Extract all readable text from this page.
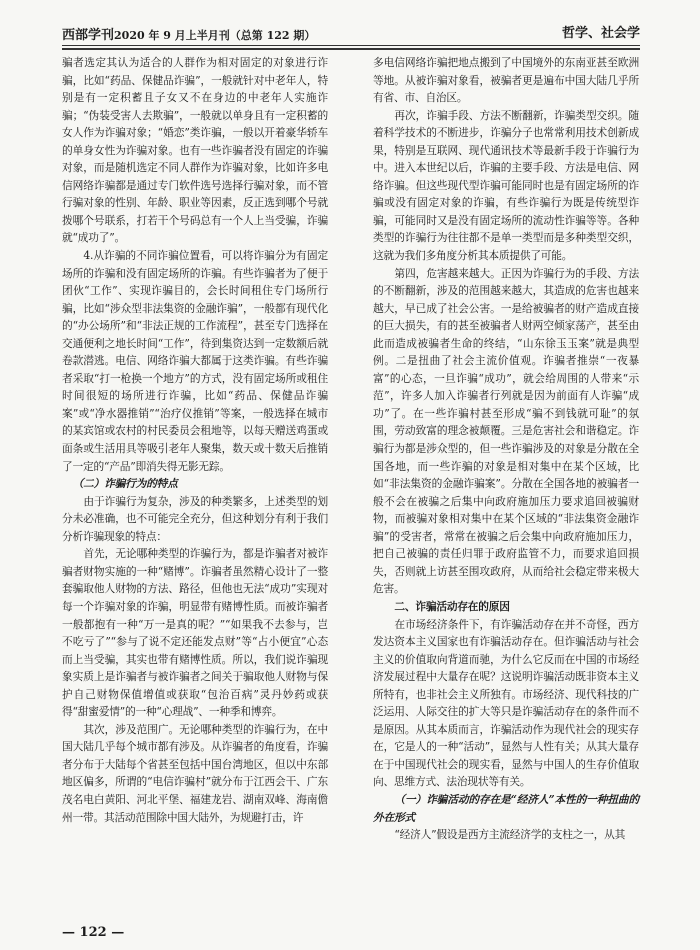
西部学刊2020 年 9 月上半月刊（总第 122 期）	哲学、社会学

骗者选定其认为适合的人群作为相对固定的对象进行诈骗，比如“药品、保健品诈骗”，一般就针对中老年人，特别是有一定积蓄且子女又不在身边的中老年人实施诈骗；“伪装受害人去欺骗”，一般就以单身且有一定积蓄的女人作为诈骗对象；“婚恋”类诈骗，一般以开着豪华轿车的单身女性为诈骗对象。也有一些诈骗者没有固定的诈骗对象，而是随机选定不同人群作为诈骗对象，比如许多电信网络诈骗都是通过专门软件选号选择行骗对象，而不管行骗对象的性别、年龄、职业等因素，反正选到哪个号就拨哪个号联系，打若干个号码总有一个人上当受骗，诈骗就“成功了”。

4.从诈骗的不同诈骗位置看，可以将诈骗分为有固定场所的诈骗和没有固定场所的诈骗。有些诈骗者为了便于团伙“工作”、实现诈骗目的，会长时间租住专门场所行骗，比如“涉众型非法集资的金融诈骗”，一般都有现代化的“办公场所”和“非法正规的工作流程”，甚至专门选择在交通便利之地长时间“工作”，待到集资达到一定数额后就卷款潜逃。电信、网络诈骗大都属于这类诈骗。有些诈骗者采取“打一枪换一个地方”的方式，没有固定场所或租住时间很短的场所进行诈骗，比如“药品、保健品诈骗案”或“净水器推销”“治疗仪推销”等案，一般选择在城市的某宾馆或农村的村民委员会租地等，以每天赠送鸡蛋或面条或生活用具等吸引老年人聚集，数天或十数天后推销了一定的“产品”即消失得无影无踪。

（二）诈骗行为的特点

由于诈骗行为复杂，涉及的种类繁多，上述类型的划分未必准确，也不可能完全充分，但这种划分有利于我们分析诈骗现象的特点：

首先，无论哪种类型的诈骗行为，都是诈骗者对被诈骗者财物实施的一种“赌博”。诈骗者虽然精心设计了一整套骗取他人财物的方法、路径，但他也无法“成功”实现对每一个诈骗对象的诈骗，明显带有赌博性质。而被诈骗者一般都抱有一种“万一是真的呢？”“如果我不去参与，岂不吃亏了”“参与了说不定还能发点财”等“占小便宜”心态而上当受骗，其实也带有赌博性质。所以，我们说诈骗现象实质上是诈骗者与被诈骗者之间关于骗取他人财物与保护自己财物保值增值或获取“包治百病”灵丹妙药或获得“甜蜜爱情”的一种“心理战”、一种季和博弈。

其次，涉及范围广。无论哪种类型的诈骗行为，在中国大陆几乎每个城市都有涉及。从诈骗者的角度看，诈骗者分布于大陆每个省甚至包括中国台湾地区，但以中东部地区偏多，所谓的“电信诈骗村”就分布于江西会干、广东茂名电白黄阳、河北平堡、福建龙岩、湖南双峰、海南儋州一带。其活动范围除中国大陆外，为规避打击，许

多电信网络诈骗把地点搬到了中国境外的东南亚甚至欧洲等地。从被诈骗对象看，被骗者更是遍布中国大陆几乎所有省、市、自治区。

再次，诈骗手段、方法不断翻新，诈骗类型交织。随着科学技术的不断进步，诈骗分子也常常利用技术创新成果，特别是互联网、现代通讯技术等最新手段于诈骗行为中。进入本世纪以后，诈骗的主要手段、方法是电信、网络诈骗。但这些现代型诈骗可能同时也是有固定场所的诈骗或没有固定对象的诈骗，有些诈骗行为既是传统型诈骗，可能同时又是没有固定场所的流动性诈骗等等。各种类型的诈骗行为往往都不是单一类型而是多种类型交织，这就为我们多角度分析其本质提供了可能。

第四，危害越来越大。正因为诈骗行为的手段、方法的不断翻新，涉及的范围越来越大，其造成的危害也越来越大，早已成了社会公害。一是给被骗者的财产造成直接的巨大损失，有的甚至被骗者人财两空倾家荡产，甚至由此而造成被骗者生命的终结，“山东徐玉玉案”就是典型例。二是扭曲了社会主流价值观。诈骗者推崇“一夜暴富”的心态，一旦诈骗“成功”，就会给周围的人带来“示范”，许多人加入诈骗者行列就是因为前面有人诈骗“成功”了。在一些诈骗村甚至形成“骗不到钱就可耻”的氛围，劳动致富的理念被颠覆。三是危害社会和谐稳定。诈骗行为都是涉众型的，但一些诈骗涉及的对象是分散在全国各地，而一些诈骗的对象是相对集中在某个区域，比如“非法集资的金融诈骗案”。分散在全国各地的被骗者一般不会在被骗之后集中向政府施加压力要求追回被骗财物，而被骗对象相对集中在某个区域的“非法集资金融诈骗”的受害者，常常在被骗之后会集中向政府施加压力，把自己被骗的责任归罪于政府监管不力，而要求追回损失，否则就上访甚至围攻政府，从而给社会稳定带来极大危害。

二、诈骗活动存在的原因

在市场经济条件下，有诈骗活动存在并不奇怪，西方发达资本主义国家也有诈骗活动存在。但诈骗活动与社会主义的价值取向背道而驰，为什么它反而在中国的市场经济发展过程中大量存在呢？这说明诈骗活动既非资本主义所特有，也非社会主义所独有。市场经济、现代科技的广泛运用、人际交往的扩大等只是诈骗活动存在的条件而不是原因。从其本质而言，诈骗活动作为现代社会的现实存在，它是人的一种“活动”，显然与人性有关；从其大量存在于中国现代社会的现实看，显然与中国人的生存价值取向、思维方式、法治现状等有关。

（一）诈骗活动的存在是“经济人”本性的一种扭曲的外在形式

“经济人”假设是西方主流经济学的支柱之一，从其

— 122 —
